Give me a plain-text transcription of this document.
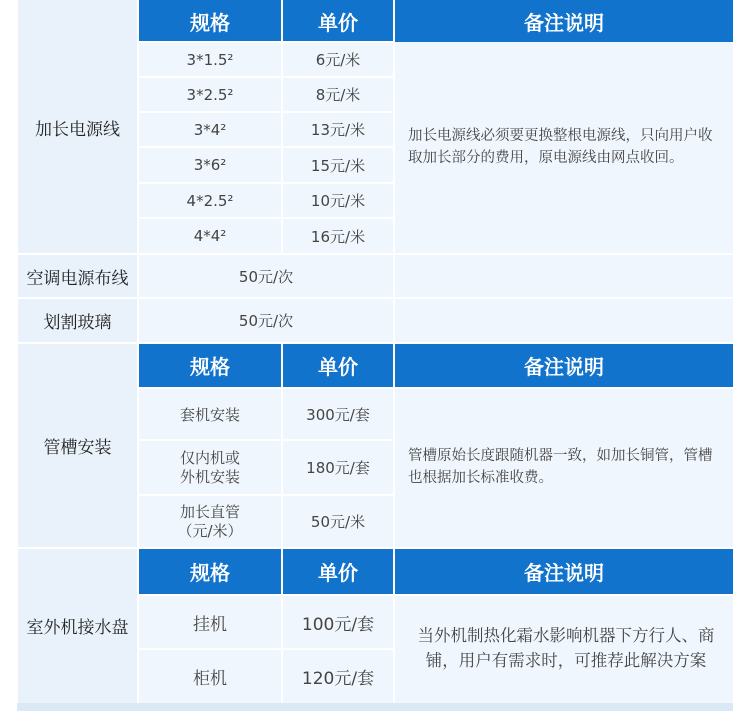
规格	单价	备注说明
加长电源线
3*1.5²	6元/米
3*2.5²	8元/米
3*4²	13元/米
3*6²	15元/米
4*2.5²	10元/米
4*4²	16元/米
加长电源线必须要更换整根电源线，只向用户收取加长部分的费用，原电源线由网点收回。
空调电源布线	50元/次
划割玻璃	50元/次
管槽安装
规格	单价	备注说明
套机安装	300元/套
仅内机或
外机安装	180元/套
加长直管
（元/米）	50元/米
管槽原始长度跟随机器一致，如加长铜管，管槽也根据加长标准收费。
室外机接水盘
规格	单价	备注说明
挂机	100元/套
柜机	120元/套
当外机制热化霜水影响机器下方行人、商铺，用户有需求时，可推荐此解决方案
